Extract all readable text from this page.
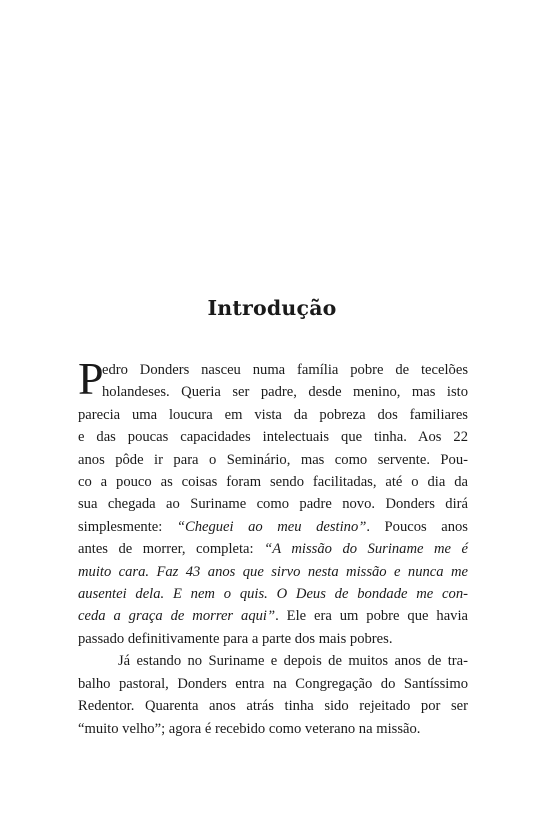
Introdução
P
edro Donders nasceu numa família pobre de tecelões
holandeses. Queria ser padre, desde menino, mas isto
parecia uma loucura em vista da pobreza dos familiares
e das poucas capacidades intelectuais que tinha. Aos 22
anos pôde ir para o Seminário, mas como servente. Pou-
co a pouco as coisas foram sendo facilitadas, até o dia da
sua chegada ao Suriname como padre novo. Donders dirá
simplesmente: “Cheguei ao meu destino”. Poucos anos
antes de morrer, completa: “A missão do Suriname me é
muito cara. Faz 43 anos que sirvo nesta missão e nunca me
ausentei dela. E nem o quis. O Deus de bondade me con-
ceda a graça de morrer aqui”. Ele era um pobre que havia
passado definitivamente para a parte dos mais pobres.
Já estando no Suriname e depois de muitos anos de tra-
balho pastoral, Donders entra na Congregação do Santíssimo
Redentor. Quarenta anos atrás tinha sido rejeitado por ser
“muito velho”; agora é recebido como veterano na missão.
